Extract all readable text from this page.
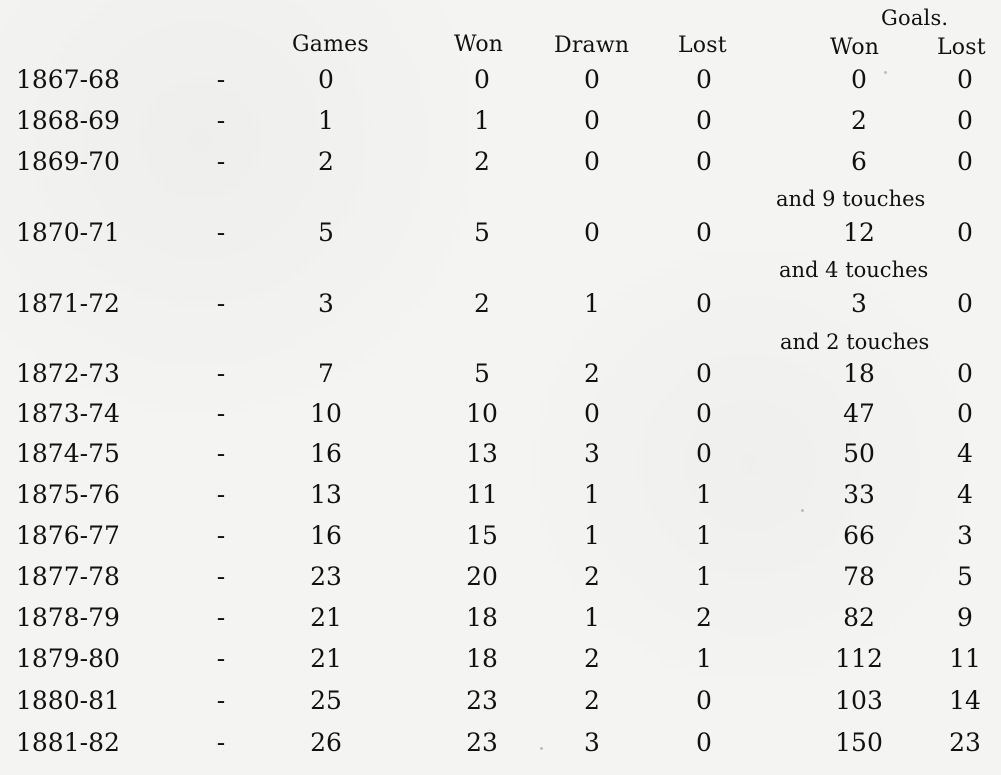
Goals.
Games	Won Drawn Lost	Won	Lost
1867-68	-	0	0	0	0	0	0
1868-69	-	1	1	0	0	2	0
1869-70	-	2	2	0	0	6	0
and 9 touches
1870-71	-	5	5	0	0	12	0
and 4 touches
1871-72	-	3	2	1	0	3	0
and 2 touches
1872-73	-	7	5	2	0	18	0
1873-74	-	10	10	0	0	47	0
1874-75	-	16	13	3	0	50	4
1875-76	-	13	11	1	1	33	4
1876-77	-	16	15	1	1	66	3
1877-78	-	23	20	2	1	78	5
1878-79	-	21	18	1	2	82	9
1879-80	-	21	18	2	1	112	11
1880-81	-	25	23	2	0	103	14
1881-82	-	26	23	3	0	150	23
